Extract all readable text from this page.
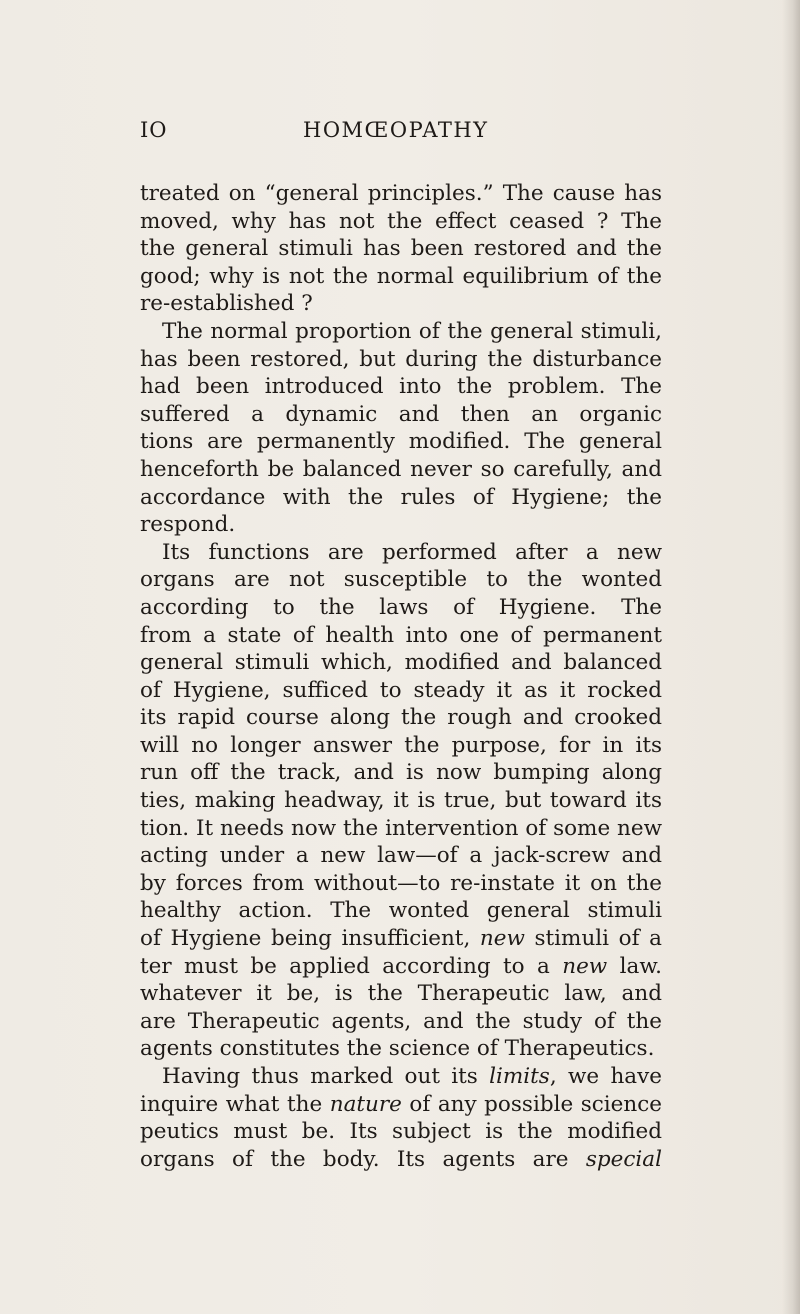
IO	HOMŒOPATHY
treated on “general principles.” The cause has
moved, why has not the effect ceased ? The
the general stimuli has been restored and the
good; why is not the normal equilibrium of the
re-established ?
The normal proportion of the general stimuli,
has been restored, but during the disturbance
had been introduced into the problem. The
suffered a dynamic and then an organic
tions are permanently modified. The general
henceforth be balanced never so carefully, and
accordance with the rules of Hygiene; the
respond.
Its functions are performed after a new
organs are not susceptible to the wonted
according to the laws of Hygiene. The
from a state of health into one of permanent
general stimuli which, modified and balanced
of Hygiene, sufficed to steady it as it rocked
its rapid course along the rough and crooked
will no longer answer the purpose, for in its
run off the track, and is now bumping along
ties, making headway, it is true, but toward its
tion. It needs now the intervention of some new
acting under a new law—of a jack-screw and
by forces from without—to re-instate it on the
healthy action. The wonted general stimuli
of Hygiene being insufficient, new stimuli of a
ter must be applied according to a new law.
whatever it be, is the Therapeutic law, and
are Therapeutic agents, and the study of the
agents constitutes the science of Therapeutics.
Having thus marked out its limits, we have
inquire what the nature of any possible science
peutics must be. Its subject is the modified
organs of the body. Its agents are special
